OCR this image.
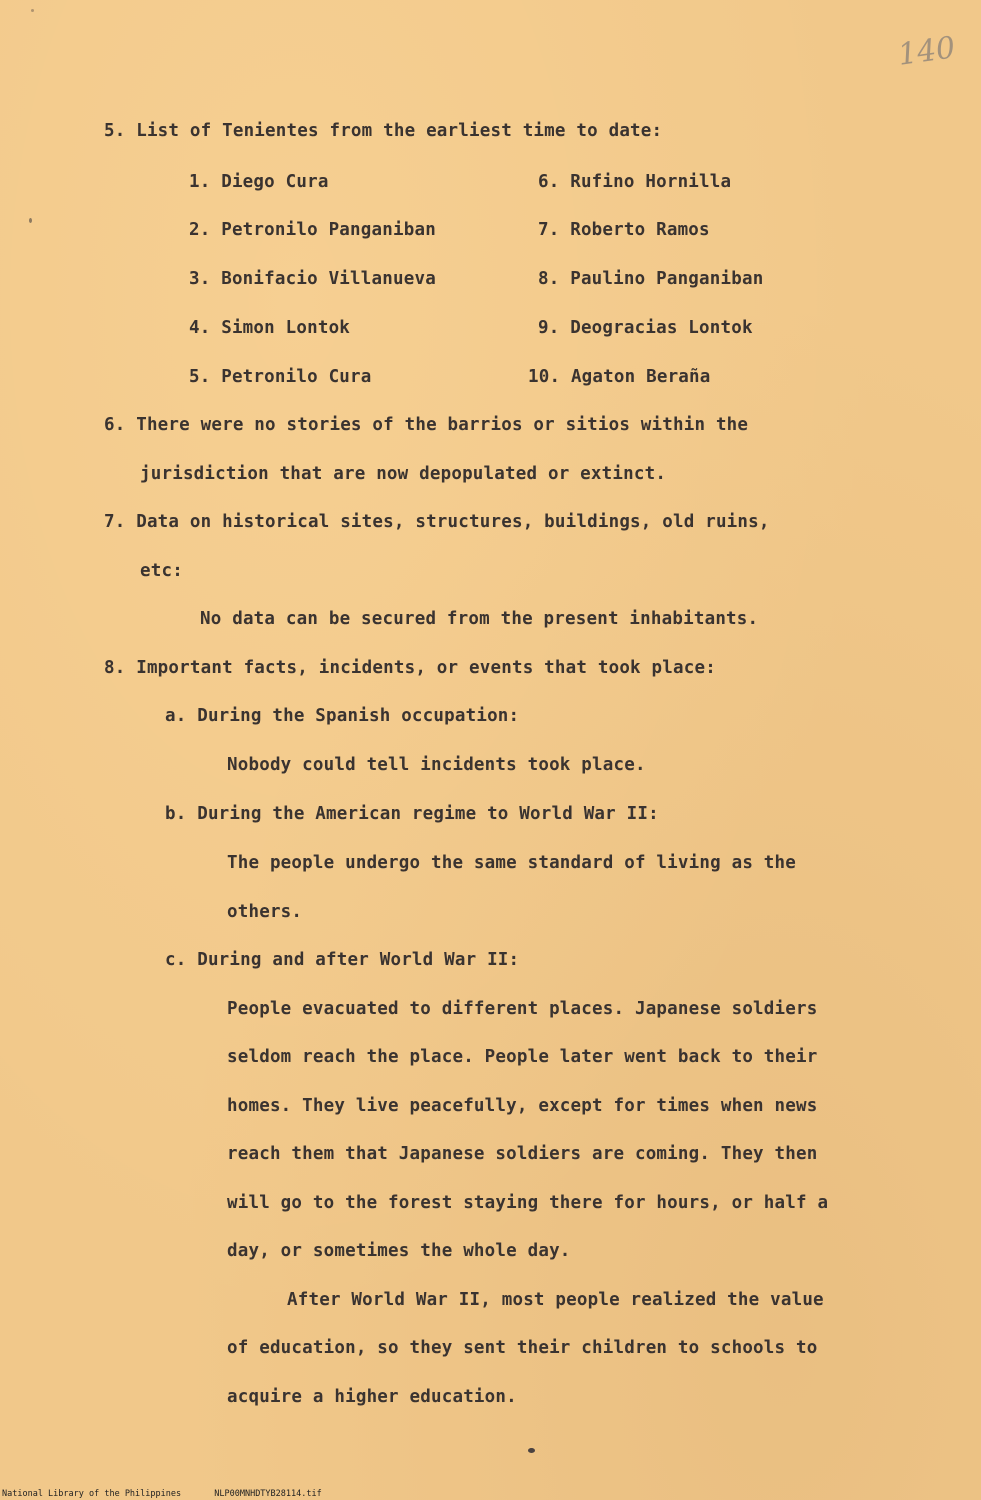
140
5. List of Tenientes from the earliest time to date:
1. Diego Cura
2. Petronilo Panganiban
3. Bonifacio Villanueva
4. Simon Lontok
5. Petronilo Cura
6. Rufino Hornilla
7. Roberto Ramos
8. Paulino Panganiban
9. Deogracias Lontok
10. Agaton Beraña
6. There were no stories of the barrios or sitios within the
jurisdiction that are now depopulated or extinct.
7. Data on historical sites, structures, buildings, old ruins,
etc:
No data can be secured from the present inhabitants.
8. Important facts, incidents, or events that took place:
a. During the Spanish occupation:
Nobody could tell incidents took place.
b. During the American regime to World War II:
The people undergo the same standard of living as the
others.
c. During and after World War II:
People evacuated to different places. Japanese soldiers
seldom reach the place. People later went back to their
homes. They live peacefully, except for times when news
reach them that Japanese soldiers are coming. They then
will go to the forest staying there for hours, or half a
day, or sometimes the whole day.
After World War II, most people realized the value
of education, so they sent their children to schools to
acquire a higher education.
National Library of the Philippines	NLP00MNHDTYB28114.tif
